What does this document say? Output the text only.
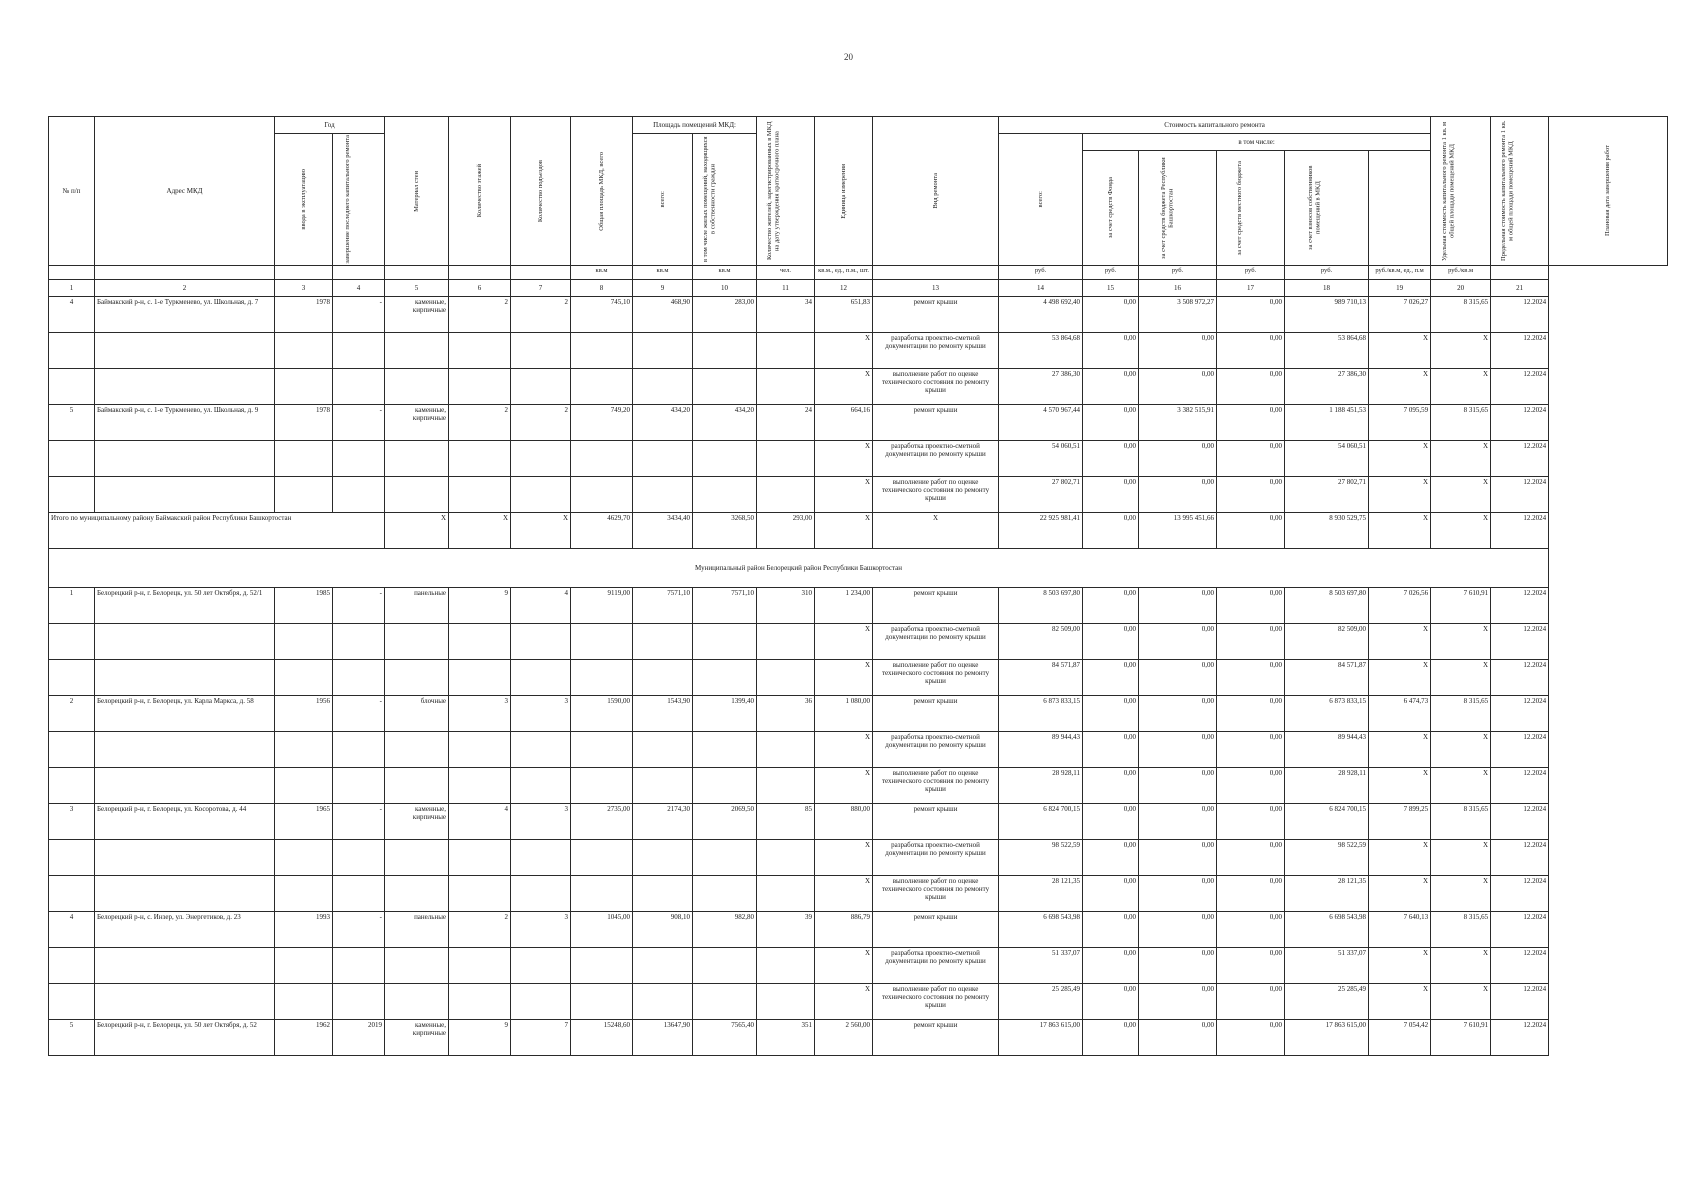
20
№ п/п	Адрес МКД	Год		Материал стен	Количество этажей	Количество подъездов	Общая площадь МКД, всего	Площадь помещений МКД:		Количество жителей, зарегистрированных в МКД на дату утверждения краткосрочного плана	Единица измерения	Вид ремонта	Стоимость капитального ремонта						Удельная стоимость капитального ремонта 1 кв. м общей площади помещений МКД	Предельная стоимость капитального ремонта 1 кв. м общей площади помещений МКД	Плановая дата завершения работ

		ввода в эксплуатацию	завершение последнего капитального ремонта					всего:	в том числе жилых помещений, находящихся в собственности граждан				всего:	в том числе:							

														за счет средств Фонда	за счет средств бюджета Республики Башкортостан	за счет средств местного бюджета	за счет взносов собственников помещений в МКД				

							кв.м	кв.м	кв.м	чел.	кв.м., ед., п.м., шт.		руб.	руб.	руб.	руб.	руб.	руб./кв.м, ед., п.м	руб./кв.м		
1	2	3	4	5	6	7	8	9	10	11	12	13	14	15	16	17	18	19	20	21	
4	Баймакский р-н, с. 1-е Туркменево, ул. Школьная, д. 7	1978	-	каменные, кирпичные	2	2	745,10	468,90	283,00	34	651,83	ремонт крыши	4 498 692,40	0,00	3 508 972,27	0,00	989 710,13	7 026,27	8 315,65	12.2024	
											X	разработка проектно-сметной документации по ремонту крыши	53 864,68	0,00	0,00	0,00	53 864,68	X	X	12.2024	
											X	выполнение работ по оценке технического состояния по ремонту крыши	27 386,30	0,00	0,00	0,00	27 386,30	X	X	12.2024	
5	Баймакский р-н, с. 1-е Туркменево, ул. Школьная, д. 9	1978	-	каменные, кирпичные	2	2	749,20	434,20	434,20	24	664,16	ремонт крыши	4 570 967,44	0,00	3 382 515,91	0,00	1 188 451,53	7 095,59	8 315,65	12.2024	
											X	разработка проектно-сметной документации по ремонту крыши	54 060,51	0,00	0,00	0,00	54 060,51	X	X	12.2024	
											X	выполнение работ по оценке технического состояния по ремонту крыши	27 802,71	0,00	0,00	0,00	27 802,71	X	X	12.2024	
Итого по муниципальному району Баймакский район Республики Башкортостан				X	X	X	4629,70	3434,40	3268,50	293,00	X	X	22 925 981,41	0,00	13 995 451,66	0,00	8 930 529,75	X	X	12.2024	
Муниципальный район Белорецкий район Республики Башкортостан																					
1	Белорецкий р-н, г. Белорецк, ул. 50 лет Октября, д. 52/1	1985	-	панельные	9	4	9119,00	7571,10	7571,10	310	1 234,00	ремонт крыши	8 503 697,80	0,00	0,00	0,00	8 503 697,80	7 026,56	7 610,91	12.2024	
											X	разработка проектно-сметной документации по ремонту крыши	82 509,00	0,00	0,00	0,00	82 509,00	X	X	12.2024	
											X	выполнение работ по оценке технического состояния по ремонту крыши	84 571,87	0,00	0,00	0,00	84 571,87	X	X	12.2024	
2	Белорецкий р-н, г. Белорецк, ул. Карла Маркса, д. 58	1956	-	блочные	3	3	1590,00	1543,90	1399,40	36	1 080,00	ремонт крыши	6 873 833,15	0,00	0,00	0,00	6 873 833,15	6 474,73	8 315,65	12.2024	
											X	разработка проектно-сметной документации по ремонту крыши	89 944,43	0,00	0,00	0,00	89 944,43	X	X	12.2024	
											X	выполнение работ по оценке технического состояния по ремонту крыши	28 928,11	0,00	0,00	0,00	28 928,11	X	X	12.2024	
3	Белорецкий р-н, г. Белорецк, ул. Косоротова, д. 44	1965	-	каменные, кирпичные	4	3	2735,00	2174,30	2069,50	85	880,00	ремонт крыши	6 824 700,15	0,00	0,00	0,00	6 824 700,15	7 899,25	8 315,65	12.2024	
											X	разработка проектно-сметной документации по ремонту крыши	98 522,59	0,00	0,00	0,00	98 522,59	X	X	12.2024	
											X	выполнение работ по оценке технического состояния по ремонту крыши	28 121,35	0,00	0,00	0,00	28 121,35	X	X	12.2024	
4	Белорецкий р-н, с. Инзер, ул. Энергетиков, д. 23	1993	-	панельные	2	3	1045,00	908,10	982,80	39	886,79	ремонт крыши	6 698 543,98	0,00	0,00	0,00	6 698 543,98	7 640,13	8 315,65	12.2024	
											X	разработка проектно-сметной документации по ремонту крыши	51 337,07	0,00	0,00	0,00	51 337,07	X	X	12.2024	
											X	выполнение работ по оценке технического состояния по ремонту крыши	25 285,49	0,00	0,00	0,00	25 285,49	X	X	12.2024	
5	Белорецкий р-н, г. Белорецк, ул. 50 лет Октября, д. 52	1962	2019	каменные, кирпичные	9	7	15248,60	13647,90	7565,40	351	2 560,00	ремонт крыши	17 863 615,00	0,00	0,00	0,00	17 863 615,00	7 054,42	7 610,91	12.2024	
